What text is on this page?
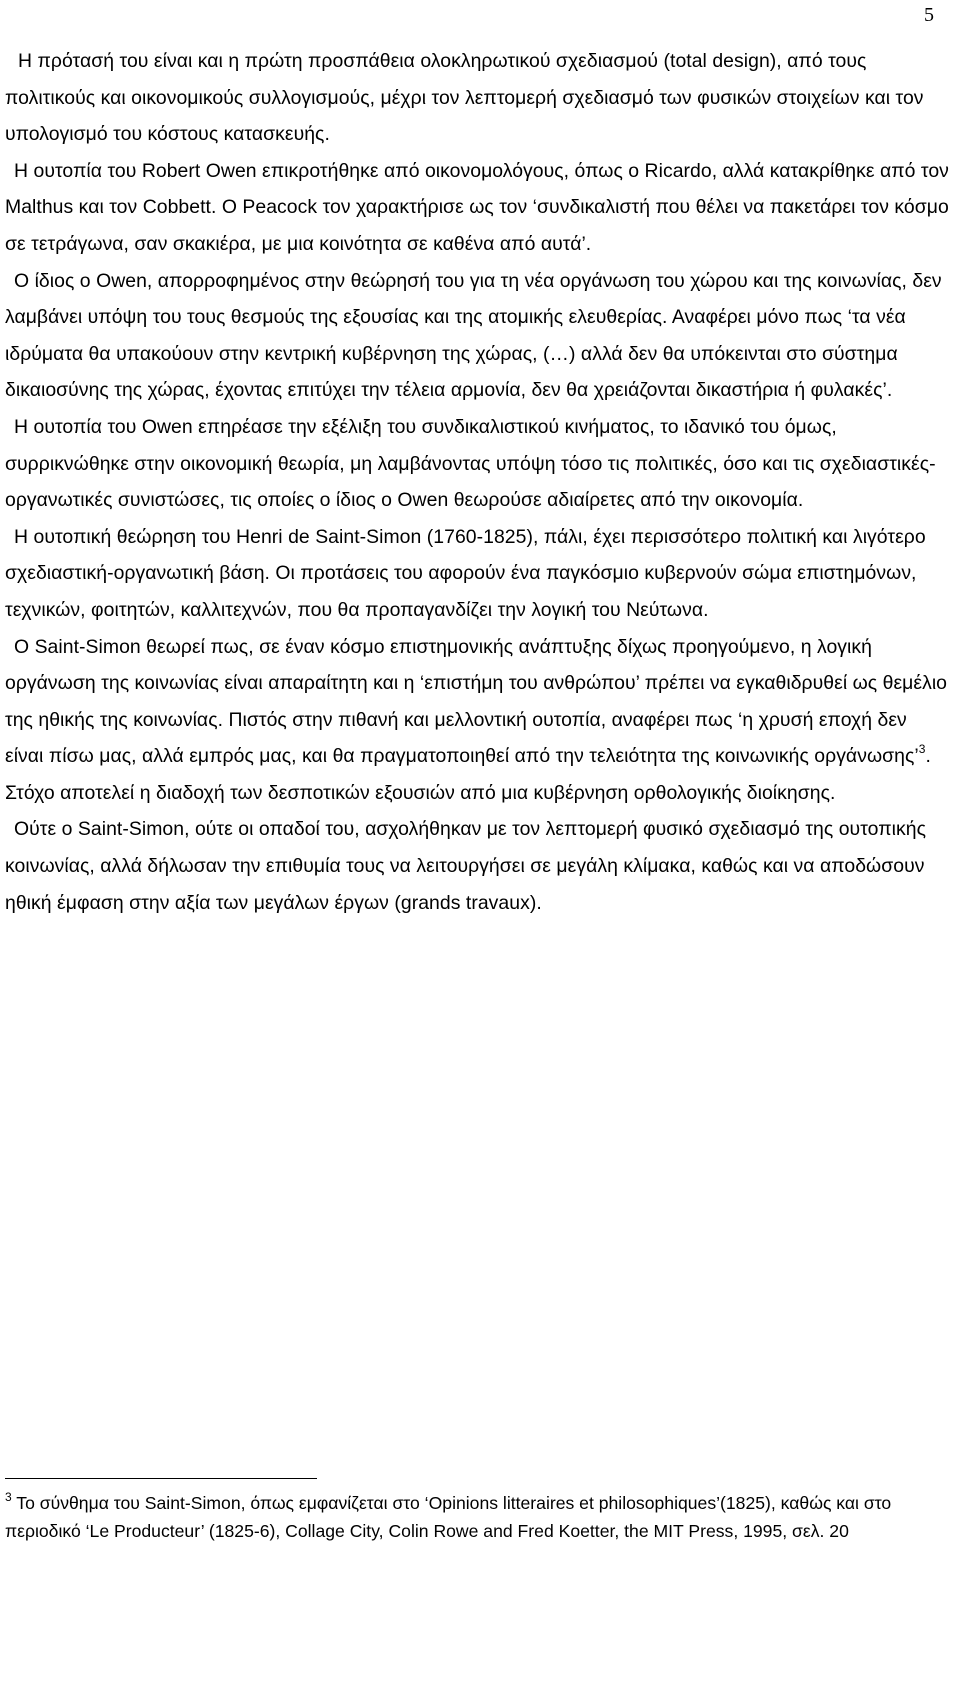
5

Η πρότασή του είναι και η πρώτη προσπάθεια ολοκληρωτικού σχεδιασμού (total design), από τους πολιτικούς και οικονομικούς συλλογισμούς, μέχρι τον λεπτομερή σχεδιασμό των φυσικών στοιχείων και τον υπολογισμό του κόστους κατασκευής.

Η ουτοπία του Robert Owen επικροτήθηκε από οικονομολόγους, όπως ο Ricardo, αλλά κατακρίθηκε από τον Malthus και τον Cobbett. Ο Peacock τον χαρακτήρισε ως τον ‘συνδικαλιστή που θέλει να πακετάρει τον κόσμο σε τετράγωνα, σαν σκακιέρα, με μια κοινότητα σε καθένα από αυτά’.

Ο ίδιος ο Owen, απορροφημένος στην θεώρησή του για τη νέα οργάνωση του χώρου και της κοινωνίας, δεν λαμβάνει υπόψη του τους θεσμούς της εξουσίας και της ατομικής ελευθερίας. Αναφέρει μόνο πως ‘τα νέα ιδρύματα θα υπακούουν στην κεντρική κυβέρνηση της χώρας, (…) αλλά δεν θα υπόκεινται στο σύστημα δικαιοσύνης της χώρας, έχοντας επιτύχει την τέλεια αρμονία, δεν θα χρειάζονται δικαστήρια ή φυλακές’.

Η ουτοπία του Owen επηρέασε την εξέλιξη του συνδικαλιστικού κινήματος, το ιδανικό του όμως, συρρικνώθηκε στην οικονομική θεωρία, μη λαμβάνοντας υπόψη τόσο τις πολιτικές, όσο και τις σχεδιαστικές-οργανωτικές συνιστώσες, τις οποίες ο ίδιος ο Owen θεωρούσε αδιαίρετες από την οικονομία.

Η ουτοπική θεώρηση του Henri de Saint-Simon (1760-1825), πάλι, έχει περισσότερο πολιτική και λιγότερο σχεδιαστική-οργανωτική βάση. Οι προτάσεις του αφορούν ένα παγκόσμιο κυβερνούν σώμα επιστημόνων, τεχνικών, φοιτητών, καλλιτεχνών, που θα προπαγανδίζει την λογική του Νεύτωνα.

Ο Saint-Simon θεωρεί πως, σε έναν κόσμο επιστημονικής ανάπτυξης δίχως προηγούμενο, η λογική οργάνωση της κοινωνίας είναι απαραίτητη και η ‘επιστήμη του ανθρώπου’ πρέπει να εγκαθιδρυθεί ως θεμέλιο της ηθικής της κοινωνίας. Πιστός στην πιθανή και μελλοντική ουτοπία, αναφέρει πως ‘η χρυσή εποχή δεν είναι πίσω μας, αλλά εμπρός μας, και θα πραγματοποιηθεί από την τελειότητα της κοινωνικής οργάνωσης’$^3$. Στόχο αποτελεί η διαδοχή των δεσποτικών εξουσιών από μια κυβέρνηση ορθολογικής διοίκησης.

Ούτε ο Saint-Simon, ούτε οι οπαδοί του, ασχολήθηκαν με τον λεπτομερή φυσικό σχεδιασμό της ουτοπικής κοινωνίας, αλλά δήλωσαν την επιθυμία τους να λειτουργήσει σε μεγάλη κλίμακα, καθώς και να αποδώσουν ηθική έμφαση στην αξία των μεγάλων έργων (grands travaux).

$^3$ Το σύνθημα του Saint-Simon, όπως εμφανίζεται στο ‘Opinions litteraires et philosophiques’(1825), καθώς και στο περιοδικό ‘Le Producteur’ (1825-6), Collage City, Colin Rowe and Fred Koetter, the MIT Press, 1995, σελ. 20
